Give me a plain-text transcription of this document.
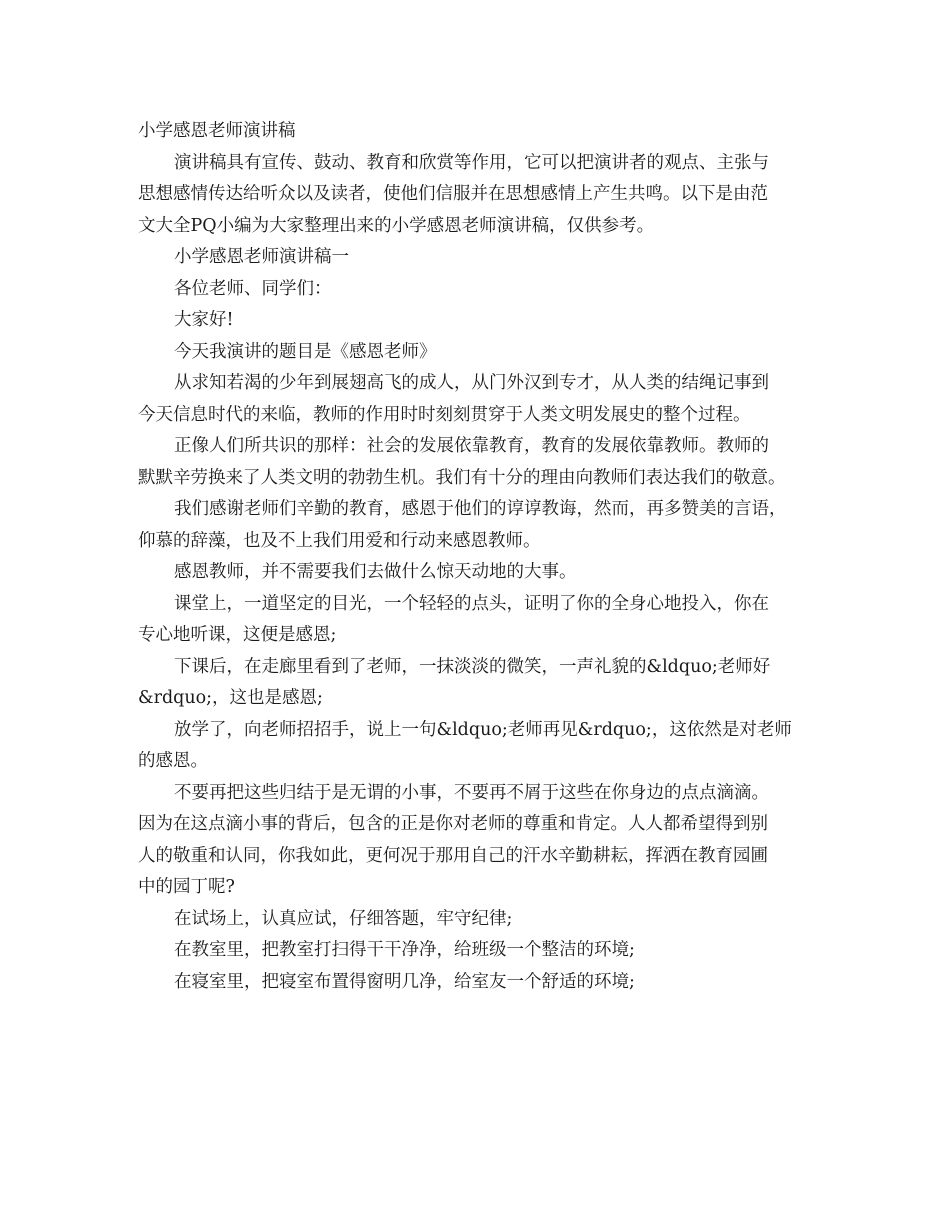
小学感恩老师演讲稿

演讲稿具有宣传、鼓动、教育和欣赏等作用，它可以把演讲者的观点、主张与

思想感情传达给听众以及读者，使他们信服并在思想感情上产生共鸣。以下是由范

文大全PQ小编为大家整理出来的小学感恩老师演讲稿，仅供参考。

小学感恩老师演讲稿一

各位老师、同学们：

大家好!

今天我演讲的题目是《感恩老师》

从求知若渴的少年到展翅高飞的成人，从门外汉到专才，从人类的结绳记事到

今天信息时代的来临，教师的作用时时刻刻贯穿于人类文明发展史的整个过程。

正像人们所共识的那样：社会的发展依靠教育，教育的发展依靠教师。教师的

默默辛劳换来了人类文明的勃勃生机。我们有十分的理由向教师们表达我们的敬意。

我们感谢老师们辛勤的教育，感恩于他们的谆谆教诲，然而，再多赞美的言语，

仰慕的辞藻，也及不上我们用爱和行动来感恩教师。

感恩教师，并不需要我们去做什么惊天动地的大事。

课堂上，一道坚定的目光，一个轻轻的点头，证明了你的全身心地投入，你在

专心地听课，这便是感恩;

下课后，在走廊里看到了老师，一抹淡淡的微笑，一声礼貌的&ldquo;老师好

&rdquo;，这也是感恩;

放学了，向老师招招手，说上一句&ldquo;老师再见&rdquo;，这依然是对老师

的感恩。

不要再把这些归结于是无谓的小事，不要再不屑于这些在你身边的点点滴滴。

因为在这点滴小事的背后，包含的正是你对老师的尊重和肯定。人人都希望得到别

人的敬重和认同，你我如此，更何况于那用自己的汗水辛勤耕耘，挥洒在教育园圃

中的园丁呢?

在试场上，认真应试，仔细答题，牢守纪律;

在教室里，把教室打扫得干干净净，给班级一个整洁的环境;

在寝室里，把寝室布置得窗明几净，给室友一个舒适的环境;
